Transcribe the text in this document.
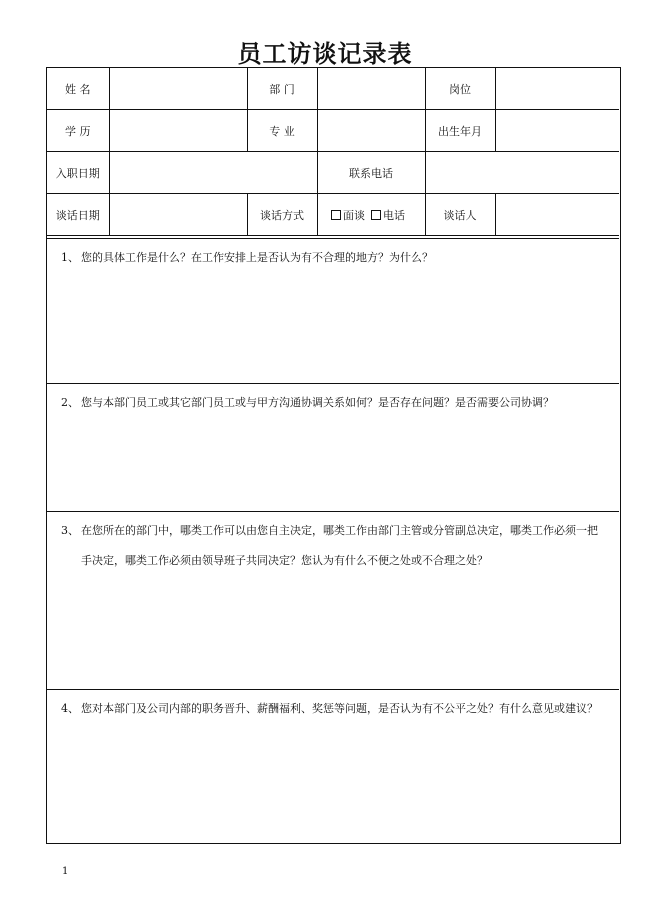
员工访谈记录表
姓 名		部 门		岗位	
学 历		专 业		出生年月	
入职日期			联系电话		
谈话日期		谈话方式	面谈 电话	谈话人	
1、 您的具体工作是什么？在工作安排上是否认为有不合理的地方？为什么？
2、 您与本部门员工或其它部门员工或与甲方沟通协调关系如何？是否存在问题？是否需要公司协调？
3、 在您所在的部门中，哪类工作可以由您自主决定，哪类工作由部门主管或分管副总决定，哪类工作必须一把
手决定，哪类工作必须由领导班子共同决定？您认为有什么不便之处或不合理之处？
4、 您对本部门及公司内部的职务晋升、薪酬福利、奖惩等问题，是否认为有不公平之处？有什么意见或建议？
1
